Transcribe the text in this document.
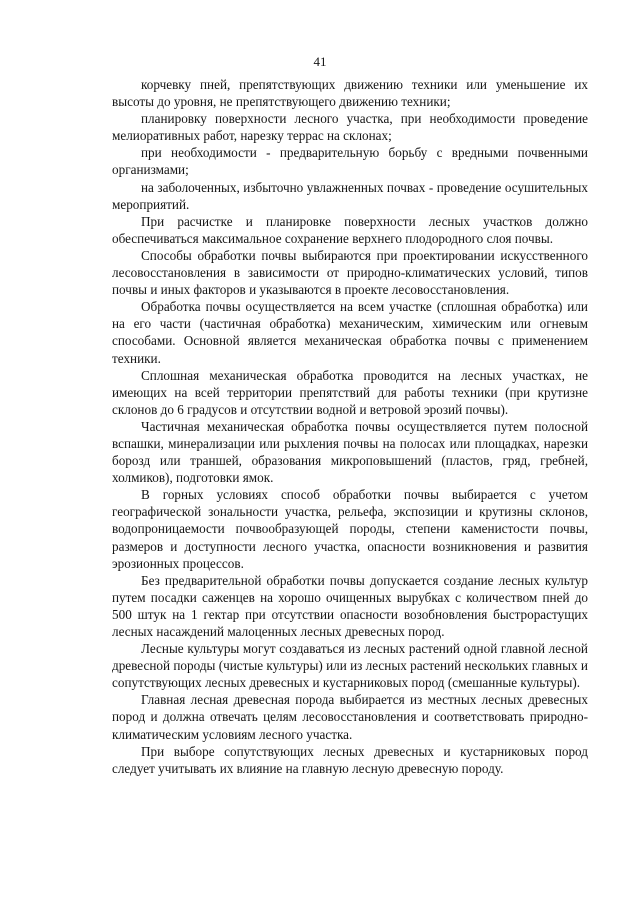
41

корчевку пней, препятствующих движению техники или уменьшение их высоты до уровня, не препятствующего движению техники;

планировку поверхности лесного участка, при необходимости проведение мелиоративных работ, нарезку террас на склонах;

при необходимости - предварительную борьбу с вредными почвенными организмами;

на заболоченных, избыточно увлажненных почвах - проведение осушительных мероприятий.

При расчистке и планировке поверхности лесных участков должно обеспечиваться максимальное сохранение верхнего плодородного слоя почвы.

Способы обработки почвы выбираются при проектировании искусственного лесовосстановления в зависимости от природно-климатических условий, типов почвы и иных факторов и указываются в проекте лесовосстановления.

Обработка почвы осуществляется на всем участке (сплошная обработка) или на его части (частичная обработка) механическим, химическим или огневым способами. Основной является механическая обработка почвы с применением техники.

Сплошная механическая обработка проводится на лесных участках, не имеющих на всей территории препятствий для работы техники (при крутизне склонов до 6 градусов и отсутствии водной и ветровой эрозий почвы).

Частичная механическая обработка почвы осуществляется путем полосной вспашки, минерализации или рыхления почвы на полосах или площадках, нарезки борозд или траншей, образования микроповышений (пластов, гряд, гребней, холмиков), подготовки ямок.

В горных условиях способ обработки почвы выбирается с учетом географической зональности участка, рельефа, экспозиции и крутизны склонов, водопроницаемости почвообразующей породы, степени каменистости почвы, размеров и доступности лесного участка, опасности возникновения и развития эрозионных процессов.

Без предварительной обработки почвы допускается создание лесных культур путем посадки саженцев на хорошо очищенных вырубках с количеством пней до 500 штук на 1 гектар при отсутствии опасности возобновления быстрорастущих лесных насаждений малоценных лесных древесных пород.

Лесные культуры могут создаваться из лесных растений одной главной лесной древесной породы (чистые культуры) или из лесных растений нескольких главных и сопутствующих лесных древесных и кустарниковых пород (смешанные культуры).

Главная лесная древесная порода выбирается из местных лесных древесных пород и должна отвечать целям лесовосстановления и соответствовать природно-климатическим условиям лесного участка.

При выборе сопутствующих лесных древесных и кустарниковых пород следует учитывать их влияние на главную лесную древесную породу.
